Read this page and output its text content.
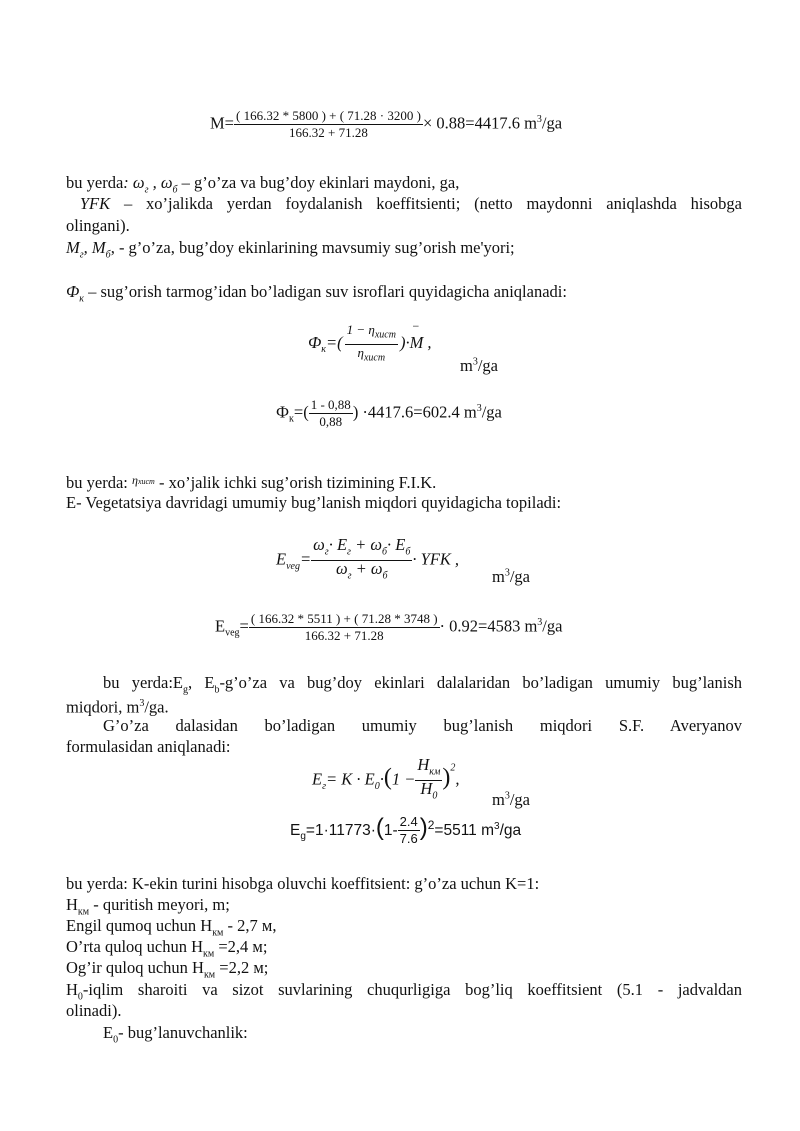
$M= \frac{( 166.32 * 5800 ) + ( 71.28 \cdot 3200 )}{166.32 + 71.28} \times 0.88=4417.6$ $m^3/ga$
bu yerda: $\omega_г$ , $\omega_б$ – g’o’za va bug’doy ekinlari maydoni, ga,
YFK – xo’jalikda yerdan foydalanish koeffitsienti; (netto maydonni aniqlashda hisobga
olingani).
$M_г$, $M_б$, - g’o’za, bug’doy ekinlarining mavsumiy sug’orish me'yori;
$Ф_к$ – sug’orish tarmog’idan bo’ladigan suv isroflari quyidagicha aniqlanadi:
$Ф_к=( \frac{1 - \eta_{хист}}{\eta_{хист}}$ )·
−
M ,
$m^3/ga$
$Ф_к=( \frac{1 - 0,88}{0,88}$ ) ·4417.6=602.4 $m^3/ga$
bu yerda: $^\eta_{хист}$ - xo’jalik ichki sug’orish tizimining F.I.K.
E- Vegetatsiya davridagi umumiy bug’lanish miqdori quyidagicha topiladi:
$E_{veg}= \frac{\omega_г\cdot E_г + \omega_б\cdot E_б}{\omega_г + \omega_б}$ · YFK ,
$m^3/ga$
$E_{veg}= \frac{( 166.32 * 5511 ) + ( 71.28 * 3748 )}{166.32 + 71.28} \cdot 0.92=4583$ $m^3/ga$
bu $yerda:E_g$, $E_b-g’o’za$ va bug’doy ekinlari dalalaridan bo’ladigan umumiy bug’lanish
miqdori, $m^3/ga$.
G’o’za dalasidan bo’ladigan umumiy bug’lanish miqdori S.F. Averyanov
formulasidan aniqlanadi:
$E_г= K \cdot E_0\cdot(1 - \frac{H_{км}}{H_0} )^2$,
$m^3/ga$
$E_g=1\cdot 11773\cdot(1- \frac{2.4}{7.6} )^2=5511$ $m^3/ga$
bu yerda: K-ekin turini hisobga oluvchi koeffitsient: g’o’za uchun K=1:
$H_{км}$ - quritish meyori, m;
Engil qumoq uchun $H_{км} - 2,7$ м,
O’rta quloq uchun $H_{км} =2,4$ м;
Og’ir quloq uchun $H_{км} =2,2$ м;
$H_0$-iqlim sharoiti va sizot suvlarining chuqurligiga bog’liq koeffitsient (5.1 - jadvaldan
olinadi).
$E_0-$ bug’lanuvchanlik:
